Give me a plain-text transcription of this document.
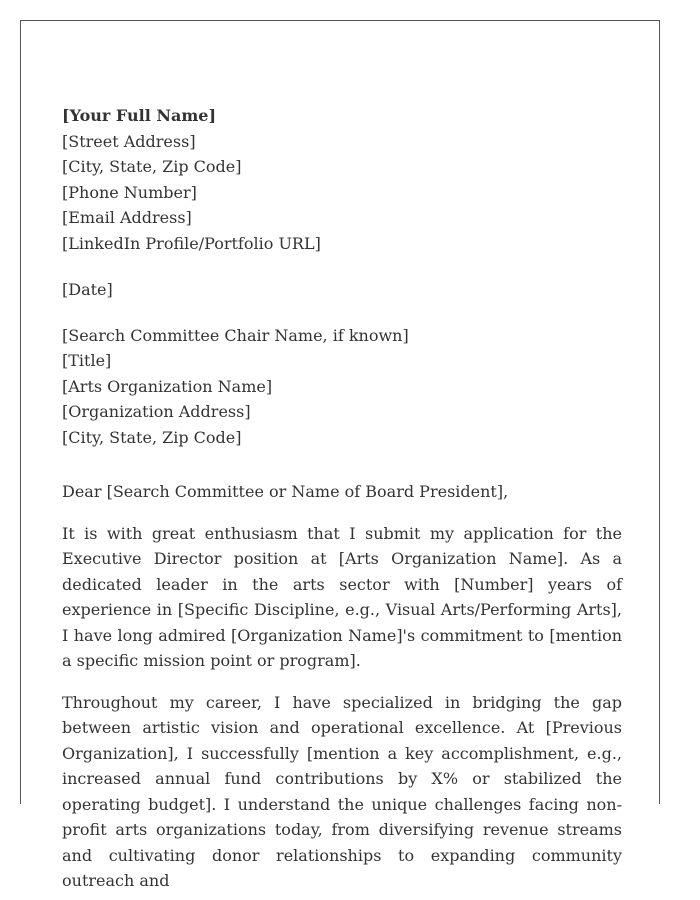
[Your Full Name]
[Street Address]
[City, State, Zip Code]
[Phone Number]
[Email Address]
[LinkedIn Profile/Portfolio URL]
[Date]
[Search Committee Chair Name, if known]
[Title]
[Arts Organization Name]
[Organization Address]
[City, State, Zip Code]
Dear [Search Committee or Name of Board President],

It is with great enthusiasm that I submit my application for the Executive Director position at [Arts Organization Name]. As a dedicated leader in the arts sector with [Number] years of experience in [Specific Discipline, e.g., Visual Arts/Performing Arts], I have long admired [Organization Name]'s commitment to [mention a specific mission point or program].

Throughout my career, I have specialized in bridging the gap between artistic vision and operational excellence. At [Previous Organization], I successfully [mention a key accomplishment, e.g., increased annual fund contributions by X% or stabilized the operating budget]. I understand the unique challenges facing non-profit arts organizations today, from diversifying revenue streams and cultivating donor relationships to expanding community outreach and
